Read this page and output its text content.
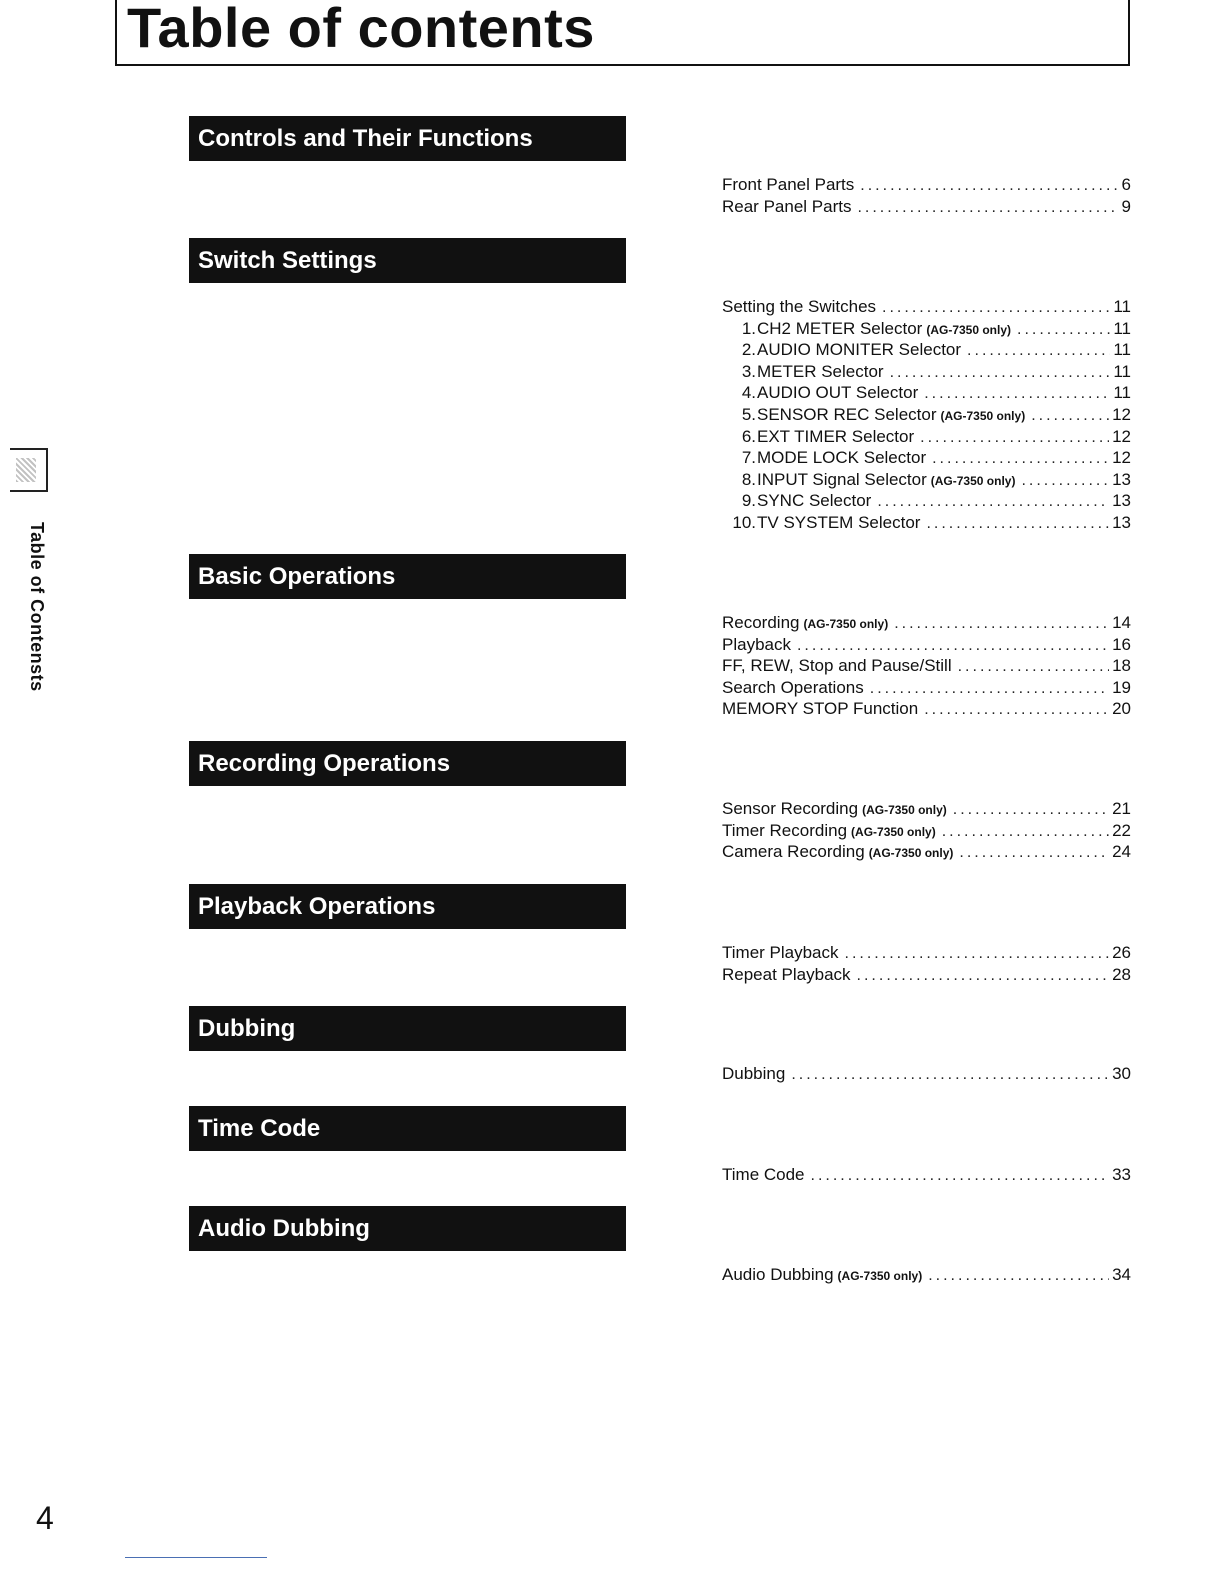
Table of contents
Table of Contensts
Controls and Their Functions
Front Panel Parts .....	6
Rear Panel Parts .....	9
Switch Settings
Setting the Switches .....	11
1. CH2 METER Selector (AG-7350 only) .....	11
2. AUDIO MONITER Selector .....	11
3. METER Selector .....	11
4. AUDIO OUT Selector .....	11
5. SENSOR REC Selector (AG-7350 only) .....	12
6. EXT TIMER Selector .....	12
7. MODE LOCK Selector .....	12
8. INPUT Signal Selector (AG-7350 only) .....	13
9. SYNC Selector .....	13
10. TV SYSTEM Selector .....	13
Basic Operations
Recording (AG-7350 only) .....	14
Playback .....	16
FF, REW, Stop and Pause/Still .....	18
Search Operations .....	19
MEMORY STOP Function .....	20
Recording Operations
Sensor Recording (AG-7350 only) .....	21
Timer Recording (AG-7350 only) .....	22
Camera Recording (AG-7350 only) .....	24
Playback Operations
Timer Playback .....	26
Repeat Playback .....	28
Dubbing
Dubbing .....	30
Time Code
Time Code .....	33
Audio Dubbing
Audio Dubbing (AG-7350 only) .....	34
4
